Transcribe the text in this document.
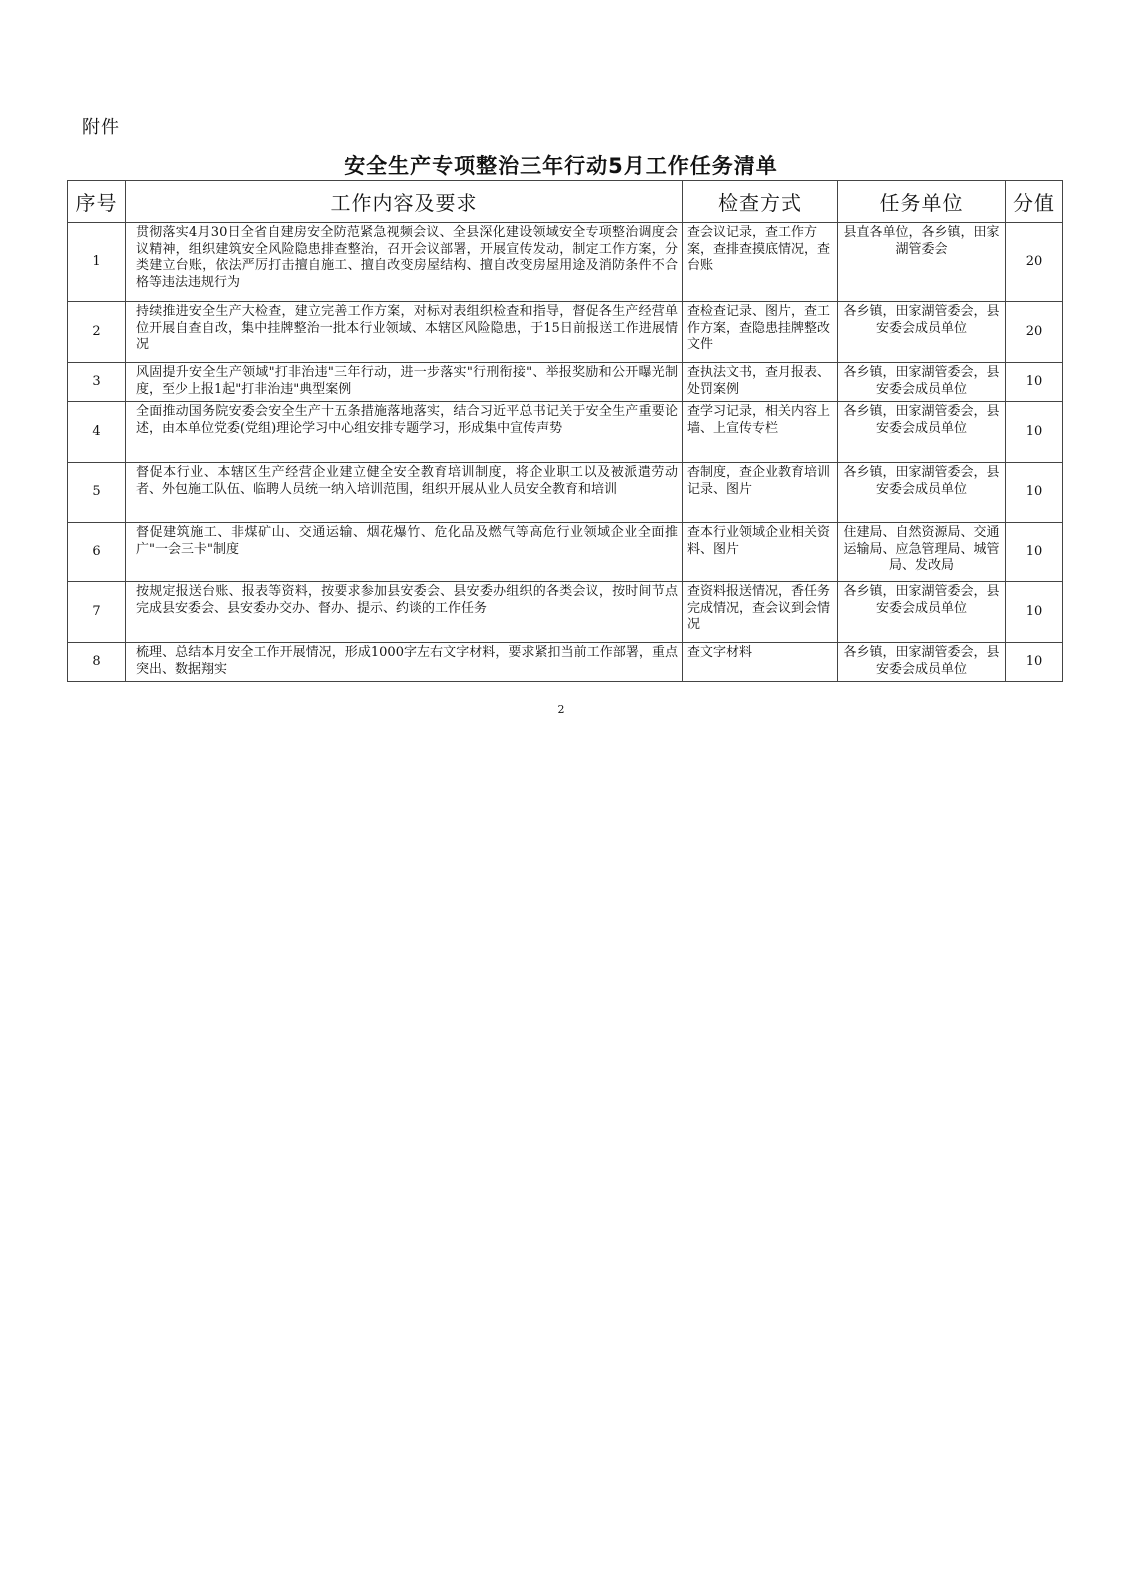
附件
安全生产专项整治三年行动5月工作任务清单
序号	工作内容及要求	检查方式	任务单位	分值
1	贯彻落实4月30日全省自建房安全防范紧急视频会议、全县深化建设领域安全专项整治调度会议精神，组织建筑安全风险隐患排查整治，召开会议部署，开展宣传发动，制定工作方案，分类建立台账，依法严厉打击擅自施工、擅自改变房屋结构、擅自改变房屋用途及消防条件不合格等违法违规行为	查会议记录，查工作方案，查排查摸底情况，查台账	县直各单位，各乡镇，田家湖管委会	20
2	持续推进安全生产大检查，建立完善工作方案，对标对表组织检查和指导，督促各生产经营单位开展自查自改，集中挂牌整治一批本行业领域、本辖区风险隐患，于15日前报送工作进展情况	查检查记录、图片，查工作方案，查隐患挂牌整改文件	各乡镇，田家湖管委会，县安委会成员单位	20
3	风固提升安全生产领域"打非治违"三年行动，进一步落实"行刑衔接"、举报奖励和公开曝光制度，至少上报1起"打非治违"典型案例	查执法文书，查月报表、处罚案例	各乡镇，田家湖管委会，县安委会成员单位	10
4	全面推动国务院安委会安全生产十五条措施落地落实，结合习近平总书记关于安全生产重要论述，由本单位党委(党组)理论学习中心组安排专题学习，形成集中宣传声势	查学习记录，相关内容上墙、上宣传专栏	各乡镇，田家湖管委会，县安委会成员单位	10
5	督促本行业、本辖区生产经营企业建立健全安全教育培训制度，将企业职工以及被派遣劳动者、外包施工队伍、临聘人员统一纳入培训范围，组织开展从业人员安全教育和培训	杳制度，查企业教育培训记录、图片	各乡镇，田家湖管委会，县安委会成员单位	10
6	督促建筑施工、非煤矿山、交通运输、烟花爆竹、危化品及燃气等高危行业领域企业全面推广"一会三卡"制度	查本行业领域企业相关资料、图片	住建局、自然资源局、交通运输局、应急管理局、城管局、发改局	10
7	按规定报送台账、报表等资料，按要求参加县安委会、县安委办组织的各类会议，按时间节点完成县安委会、县安委办交办、督办、提示、约谈的工作任务	查资料报送情况，香任务完成情况，查会议到会情况	各乡镇，田家湖管委会，县安委会成员单位	10
8	梳理、总结本月安全工作开展情况，形成1000字左右文字材料，要求紧扣当前工作部署，重点突出、数据翔实	查文字材料	各乡镇，田家湖管委会，县安委会成员单位	10
2
